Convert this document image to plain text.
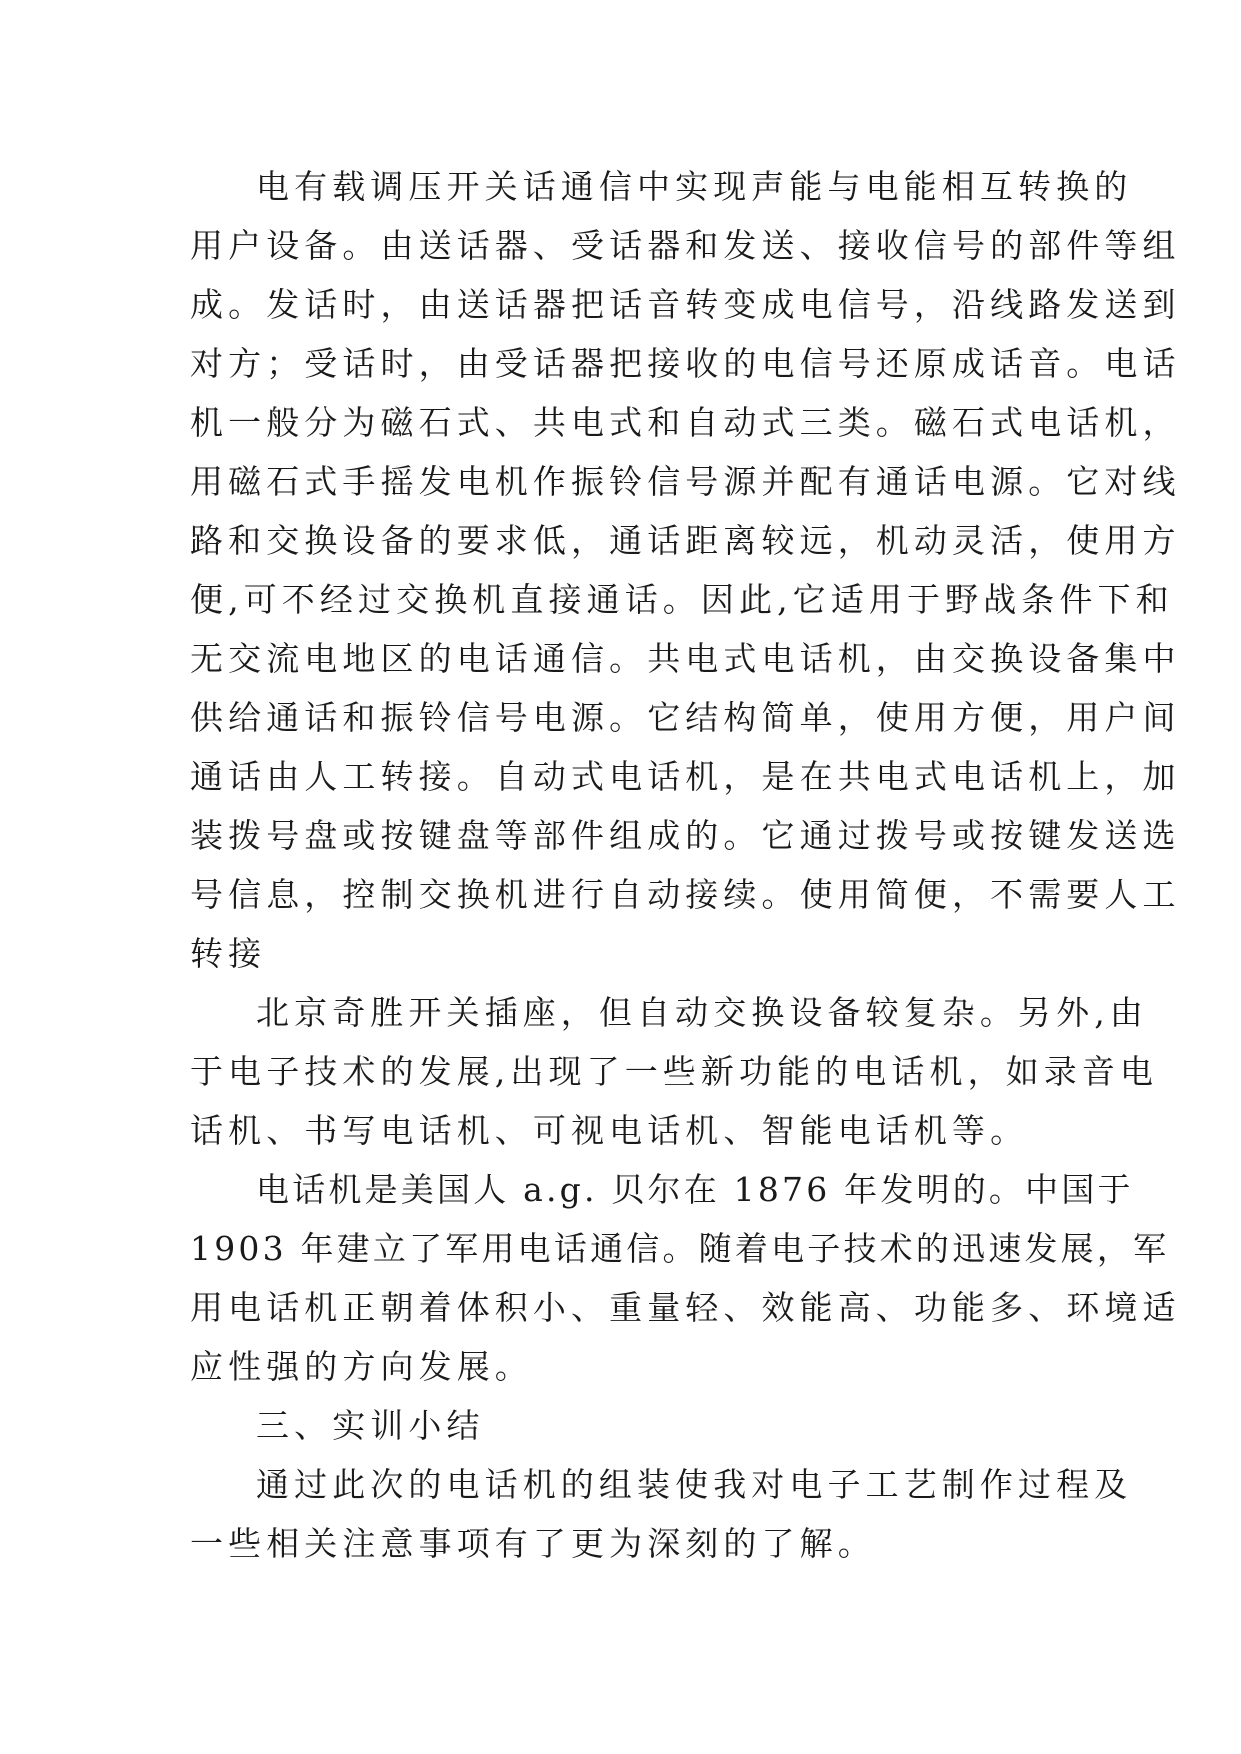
电有载调压开关话通信中实现声能与电能相互转换的
用户设备。由送话器、受话器和发送、接收信号的部件等组
成。发话时，由送话器把话音转变成电信号，沿线路发送到
对方；受话时，由受话器把接收的电信号还原成话音。电话
机一般分为磁石式、共电式和自动式三类。磁石式电话机，
用磁石式手摇发电机作振铃信号源并配有通话电源。它对线
路和交换设备的要求低，通话距离较远，机动灵活，使用方
便,可不经过交换机直接通话。因此,它适用于野战条件下和
无交流电地区的电话通信。共电式电话机，由交换设备集中
供给通话和振铃信号电源。它结构简单，使用方便，用户间
通话由人工转接。自动式电话机，是在共电式电话机上，加
装拨号盘或按键盘等部件组成的。它通过拨号或按键发送选
号信息，控制交换机进行自动接续。使用简便，不需要人工
转接
北京奇胜开关插座，但自动交换设备较复杂。另外,由
于电子技术的发展,出现了一些新功能的电话机，如录音电
话机、书写电话机、可视电话机、智能电话机等。
电话机是美国人 a.g. 贝尔在 1876 年发明的。中国于
1903 年建立了军用电话通信。随着电子技术的迅速发展，军
用电话机正朝着体积小、重量轻、效能高、功能多、环境适
应性强的方向发展。
三、实训小结
通过此次的电话机的组装使我对电子工艺制作过程及
一些相关注意事项有了更为深刻的了解。
